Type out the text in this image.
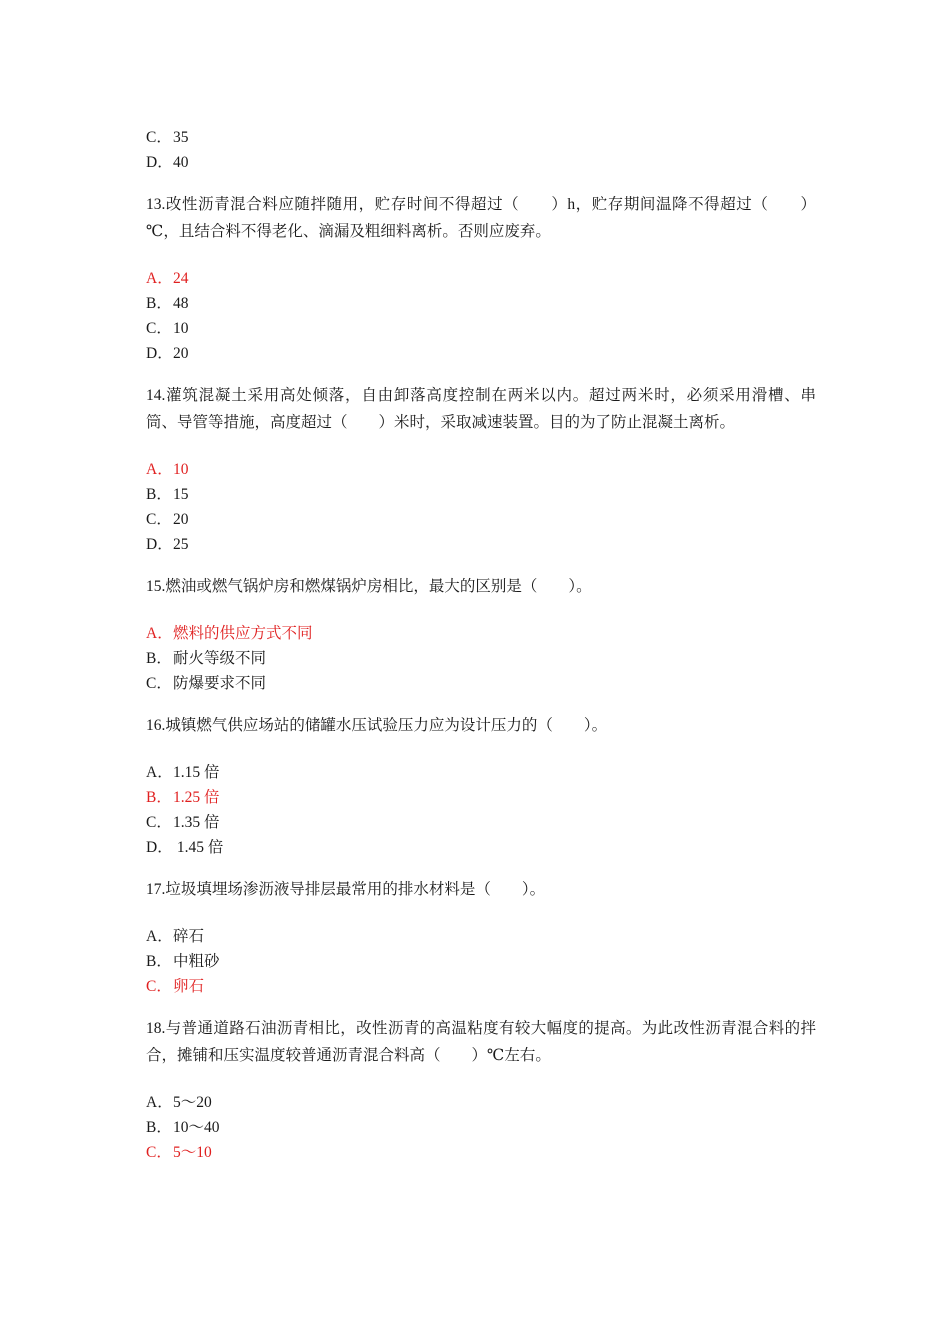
C．35
D．40
13.改性沥青混合料应随拌随用，贮存时间不得超过（　　）h，贮存期间温降不得超过（　　）℃，且结合料不得老化、滴漏及粗细料离析。否则应废弃。
A．24
B．48
C．10
D．20
14.灌筑混凝土采用高处倾落，自由卸落高度控制在两米以内。超过两米时，必须采用滑槽、串筒、导管等措施，高度超过（　　）米时，采取减速装置。目的为了防止混凝土离析。
A．10
B．15
C．20
D．25
15.燃油或燃气锅炉房和燃煤锅炉房相比，最大的区别是（　　）。
A．燃料的供应方式不同
B．耐火等级不同
C．防爆要求不同
16.城镇燃气供应场站的储罐水压试验压力应为设计压力的（　　）。
A．1.15 倍
B．1.25 倍
C．1.35 倍
D． 1.45 倍
17.垃圾填埋场渗沥液导排层最常用的排水材料是（　　）。
A．碎石
B．中粗砂
C．卵石
18.与普通道路石油沥青相比，改性沥青的高温粘度有较大幅度的提高。为此改性沥青混合料的拌合，摊铺和压实温度较普通沥青混合料高（　　）℃左右。
A．5～20
B．10～40
C．5～10
